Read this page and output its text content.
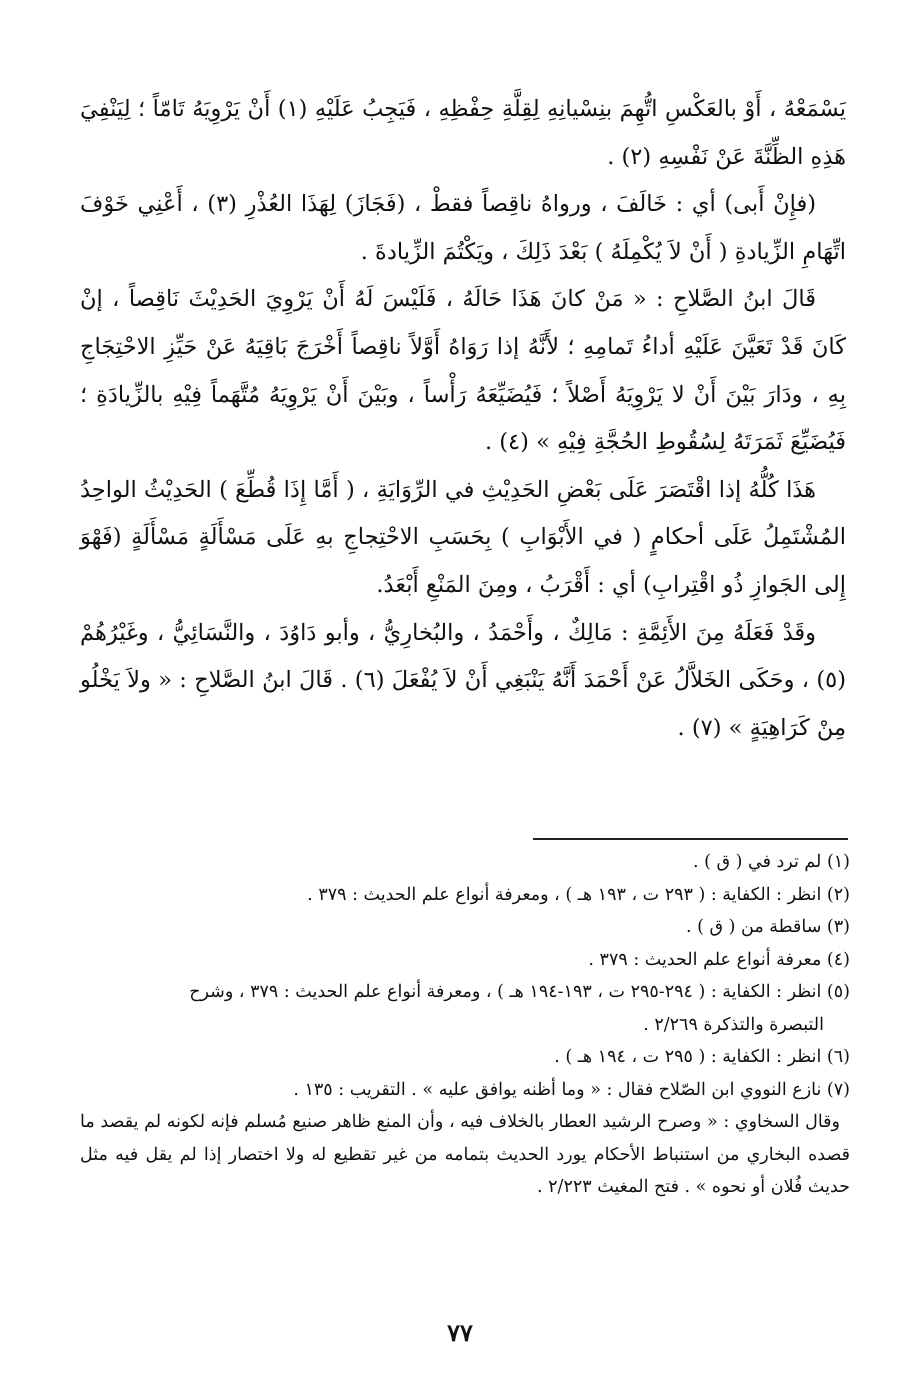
يَسْمَعْهُ ، أَوْ بالعَكْسِ اتُّهِمَ بنِسْيانِهِ لِقِلَّةِ حِفْظِهِ ، فَيَجِبُ عَلَيْهِ (١) أَنْ يَرْوِيَهُ تَامّاً ؛ لِيَنْفِيَ هَذِهِ الظِّنَّةَ عَنْ نَفْسِهِ (٢) .

(فإِنْ أَبى) أي : خَالَفَ ، ورواهُ ناقِصاً فقطْ ، (فَجَازَ) لِهَذَا العُذْرِ (٣) ، أَعْنِي خَوْفَ اتِّهَامِ الزِّيادةِ ( أَنْ لاَ يُكْمِلَهُ ) بَعْدَ ذَلِكَ ، ويَكْتُمَ الزِّيادةَ .

قَالَ ابنُ الصَّلاحِ : « مَنْ كانَ هَذَا حَالَهُ ، فَلَيْسَ لَهُ أَنْ يَرْوِيَ الحَدِيْثَ نَاقِصاً ، إنْ كَانَ قَدْ تَعَيَّنَ عَلَيْهِ أداءُ تَمامِهِ ؛ لأَنَّهُ إذا رَوَاهُ أَوَّلاً ناقِصاً أَخْرَجَ بَاقِيَهُ عَنْ حَيِّزِ الاحْتِجَاجِ بِهِ ، ودَارَ بَيْنَ أَنْ لا يَرْوِيَهُ أَصْلاً ؛ فَيُضَيِّعَهُ رَأْساً ، وبَيْنَ أَنْ يَرْوِيَهُ مُتَّهَماً فِيْهِ بالزِّيادَةِ ؛ فَيُضَيِّعَ ثَمَرَتَهُ لِسُقُوطِ الحُجَّةِ فِيْهِ » (٤) .

هَذَا كُلُّهُ إذا اقْتَصَرَ عَلَى بَعْضِ الحَدِيْثِ في الرِّوَايَةِ ، ( أَمَّا إِذَا قُطِّعَ ) الحَدِيْثُ الواحِدُ المُشْتَمِلُ عَلَى أحكامٍ ( في الأَبْوَابِ ) بِحَسَبِ الاحْتِجاجِ بهِ عَلَى مَسْأَلَةٍ مَسْأَلَةٍ (فَهْوَ إِلى الجَوازِ ذُو اقْتِرابِ) أي : أَقْرَبُ ، ومِنَ المَنْعِ أَبْعَدُ.

وقَدْ فَعَلَهُ مِنَ الأَئِمَّةِ : مَالِكٌ ، وأَحْمَدُ ، والبُخارِيُّ ، وأبو دَاوُدَ ، والنَّسَائِيُّ ، وغَيْرُهُمْ (٥) ، وحَكَى الخَلاَّلُ عَنْ أَحْمَدَ أَنَّهُ يَنْبَغِي أَنْ لاَ يُفْعَلَ (٦) . قَالَ ابنُ الصَّلاحِ : « ولاَ يَخْلُو مِنْ كَرَاهِيَةٍ » (٧) .

(١) لم ترد في ( ق ) .

(٢) انظر : الكفاية : ( ٢٩٣ ت ، ١٩٣ هـ ) ، ومعرفة أنواع علم الحديث : ٣٧٩ .

(٣) ساقطة من ( ق ) .

(٤) معرفة أنواع علم الحديث : ٣٧٩ .

(٥) انظر : الكفاية : ( ٢٩٤-٢٩٥ ت ، ١٩٣-١٩٤ هـ ) ، ومعرفة أنواع علم الحديث : ٣٧٩ ، وشرح

التبصرة والتذكرة ٢/٢٦٩ .

(٦) انظر : الكفاية : ( ٢٩٥ ت ، ١٩٤ هـ ) .

(٧) نازع النووي ابن الصّلاح فقال : « وما أظنه يوافق عليه » . التقريب : ١٣٥ .

وقال السخاوي : « وصرح الرشيد العطار بالخلاف فيه ، وأن المنع ظاهر صنيع مُسلم فإنه لكونه لم يقصد ما قصده البخاري من استنباط الأحكام يورد الحديث بتمامه من غير تقطيع له ولا اختصار إذا لم يقل فيه مثل حديث فُلان أو نحوه » . فتح المغيث ٢/٢٢٣ .

٧٧
